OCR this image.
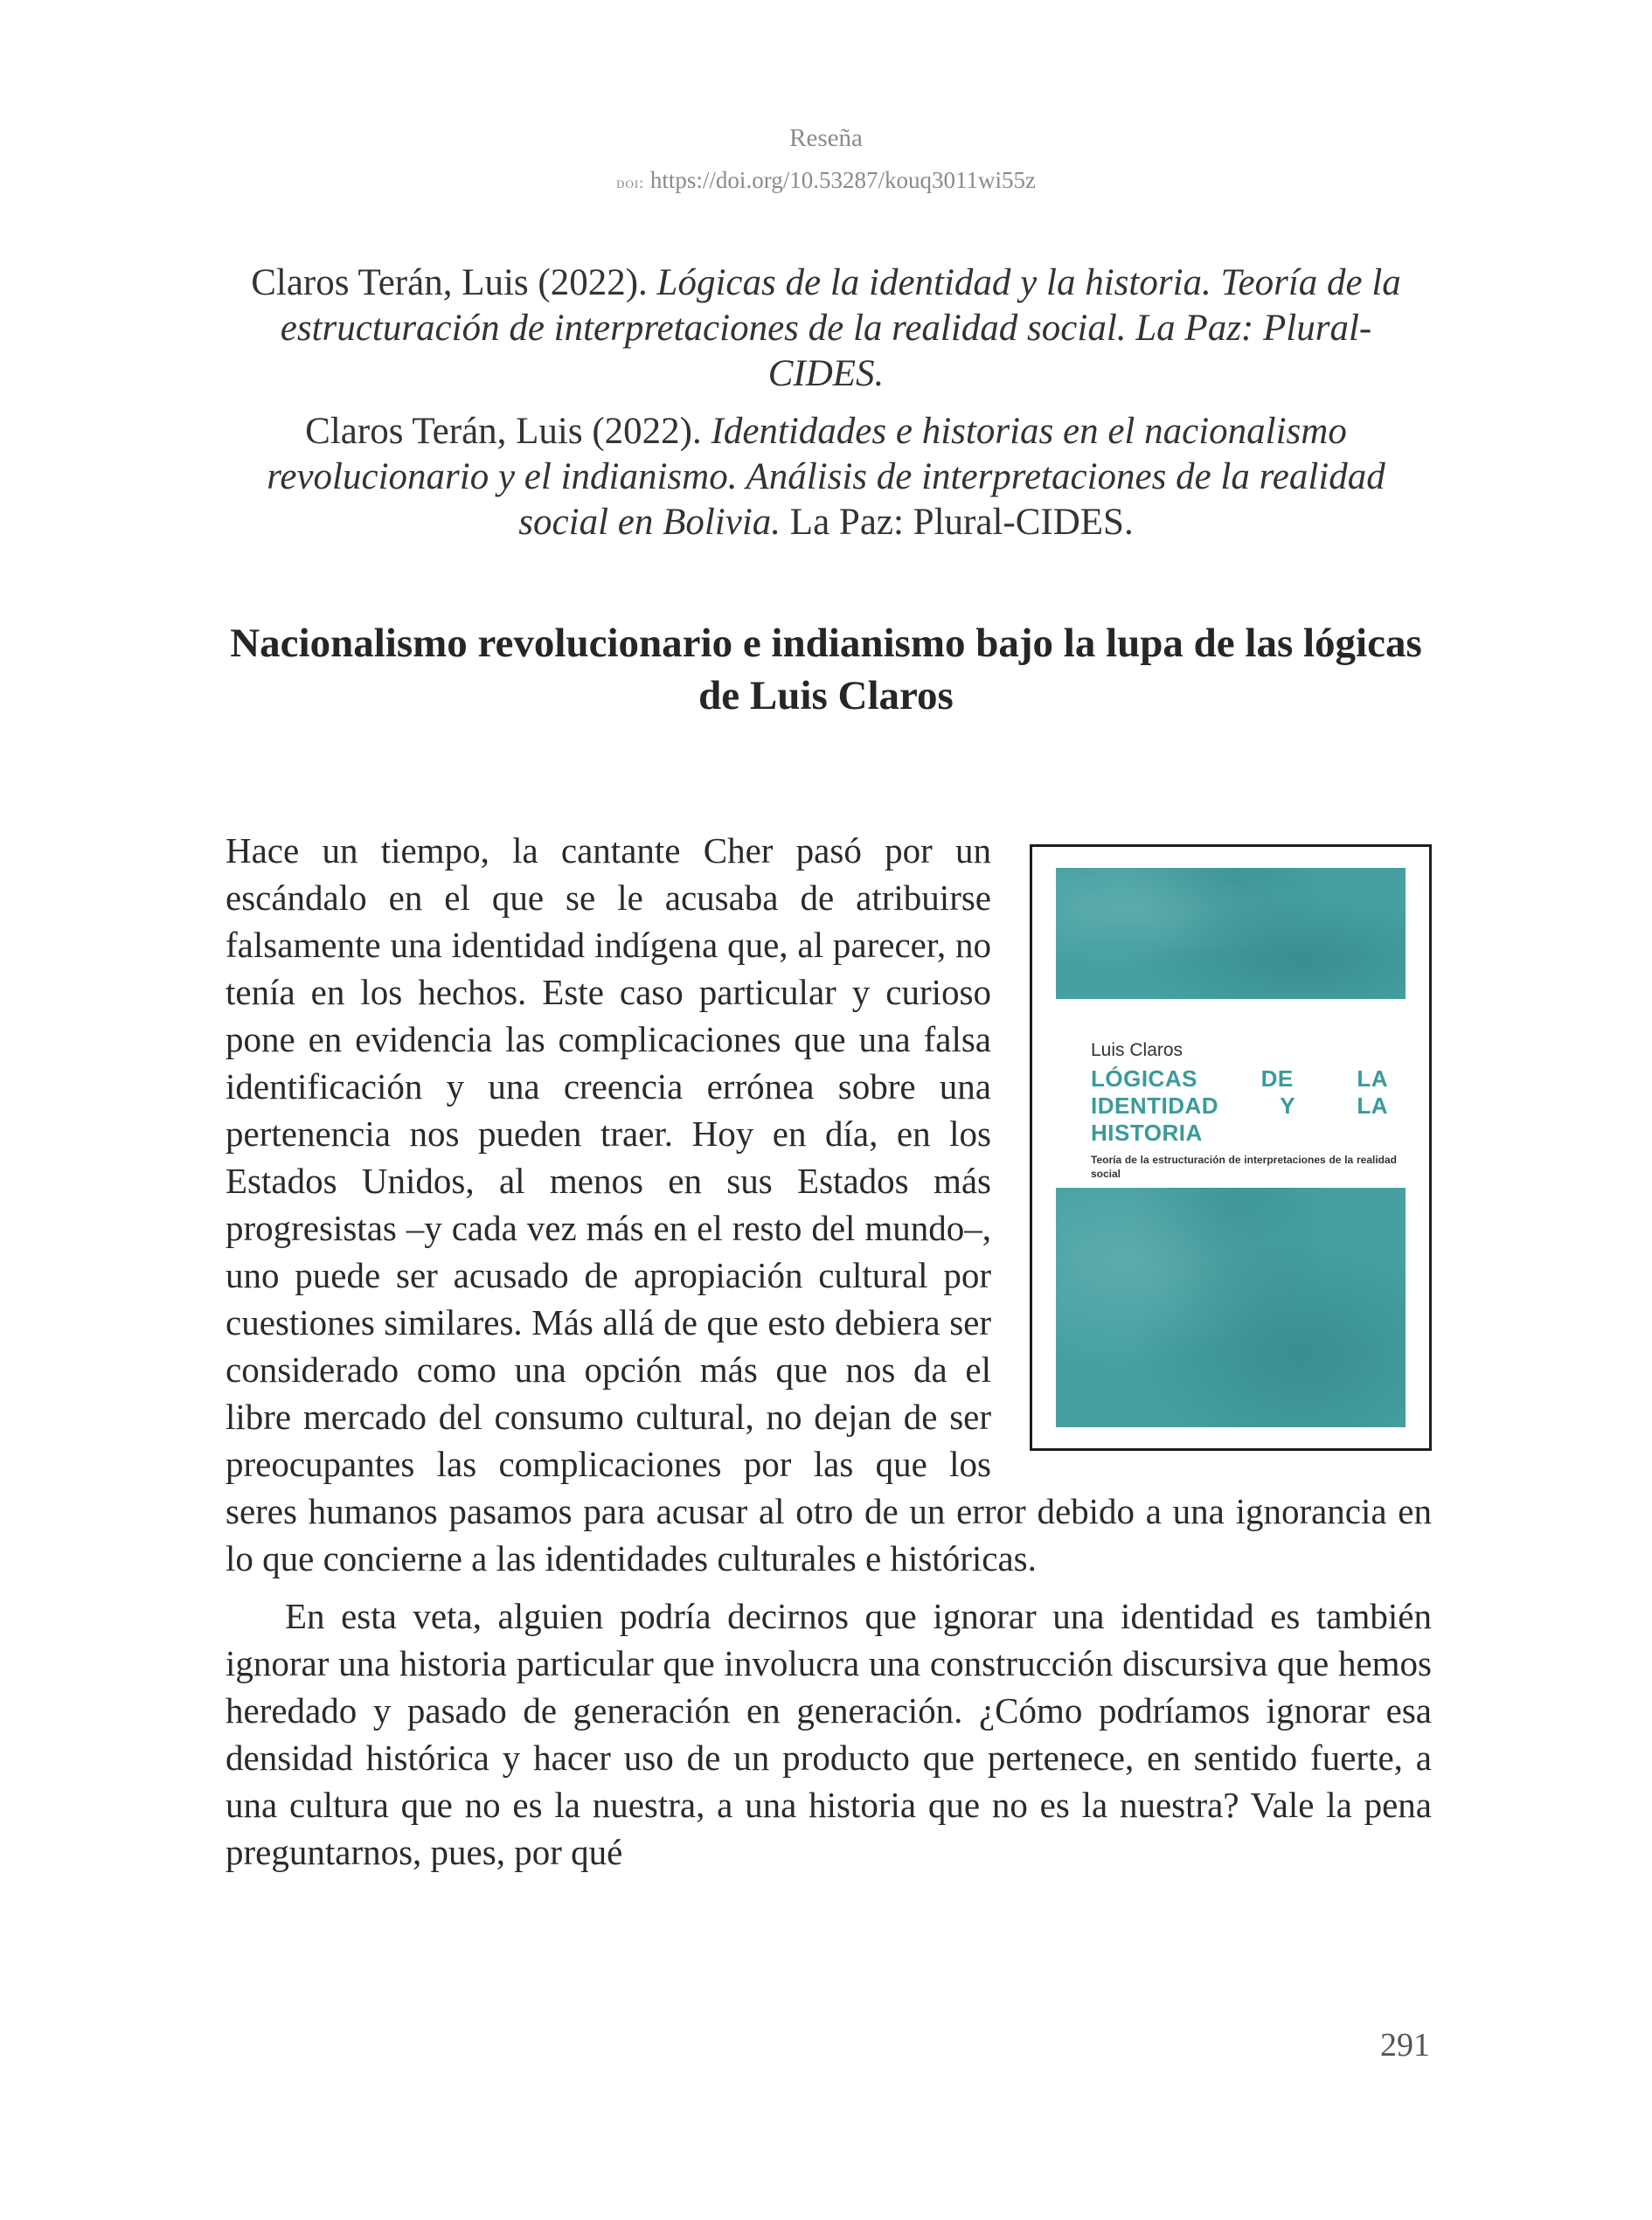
Reseña
doi: https://doi.org/10.53287/kouq3011wi55z

Claros Terán, Luis (2022). Lógicas de la identidad y la historia. Teoría de la estructuración de interpretaciones de la realidad social. La Paz: Plural-CIDES.

Claros Terán, Luis (2022). Identidades e historias en el nacionalismo revolucionario y el indianismo. Análisis de interpretaciones de la realidad social en Bolivia. La Paz: Plural-CIDES.

Nacionalismo revolucionario e indianismo bajo la lupa de las lógicas de Luis Claros
Luis Claros
LÓGICAS DE LA IDENTIDAD Y LA HISTORIA
Teoría de la estructuración de interpretaciones de la realidad social

Hace un tiempo, la cantante Cher pasó por un escándalo en el que se le acusaba de atribuirse falsamente una identidad indígena que, al parecer, no tenía en los hechos. Este caso particular y curioso pone en evidencia las complicaciones que una falsa identificación y una creencia errónea sobre una pertenencia nos pueden traer. Hoy en día, en los Estados Unidos, al menos en sus Estados más progresistas –y cada vez más en el resto del mundo–, uno puede ser acusado de apropiación cultural por cuestiones similares. Más allá de que esto debiera ser considerado como una opción más que nos da el libre mercado del consumo cultural, no dejan de ser preocupantes las complicaciones por las que los seres humanos pasamos para acusar al otro de un error debido a una ignorancia en lo que concierne a las identidades culturales e históricas.

En esta veta, alguien podría decirnos que ignorar una identidad es también ignorar una historia particular que involucra una construcción discursiva que hemos heredado y pasado de generación en generación. ¿Cómo podríamos ignorar esa densidad histórica y hacer uso de un producto que pertenece, en sentido fuerte, a una cultura que no es la nuestra, a una historia que no es la nuestra? Vale la pena preguntarnos, pues, por qué

291
